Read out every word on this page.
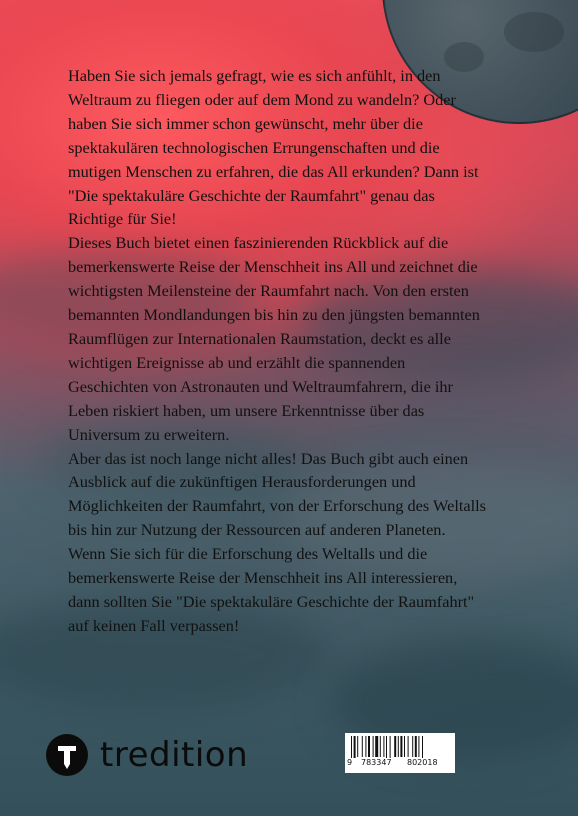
Haben Sie sich jemals gefragt, wie es sich anfühlt, in den Weltraum zu fliegen oder auf dem Mond zu wandeln? Oder haben Sie sich immer schon gewünscht, mehr über die spektakulären technologischen Errungenschaften und die mutigen Menschen zu erfahren, die das All erkunden? Dann ist "Die spektakuläre Geschichte der Raumfahrt" genau das Richtige für Sie!

Dieses Buch bietet einen faszinierenden Rückblick auf die bemerkenswerte Reise der Menschheit ins All und zeichnet die wichtigsten Meilensteine der Raumfahrt nach. Von den ersten bemannten Mondlandungen bis hin zu den jüngsten bemannten Raumflügen zur Internationalen Raumstation, deckt es alle wichtigen Ereignisse ab und erzählt die spannenden Geschichten von Astronauten und Weltraumfahrern, die ihr Leben riskiert haben, um unsere Erkenntnisse über das Universum zu erweitern.

Aber das ist noch lange nicht alles! Das Buch gibt auch einen Ausblick auf die zukünftigen Herausforderungen und Möglichkeiten der Raumfahrt, von der Erforschung des Weltalls bis hin zur Nutzung der Ressourcen auf anderen Planeten. Wenn Sie sich für die Erforschung des Weltalls und die bemerkenswerte Reise der Menschheit ins All interessieren, dann sollten Sie "Die spektakuläre Geschichte der Raumfahrt" auf keinen Fall verpassen!

tredition	9 783347 802018
